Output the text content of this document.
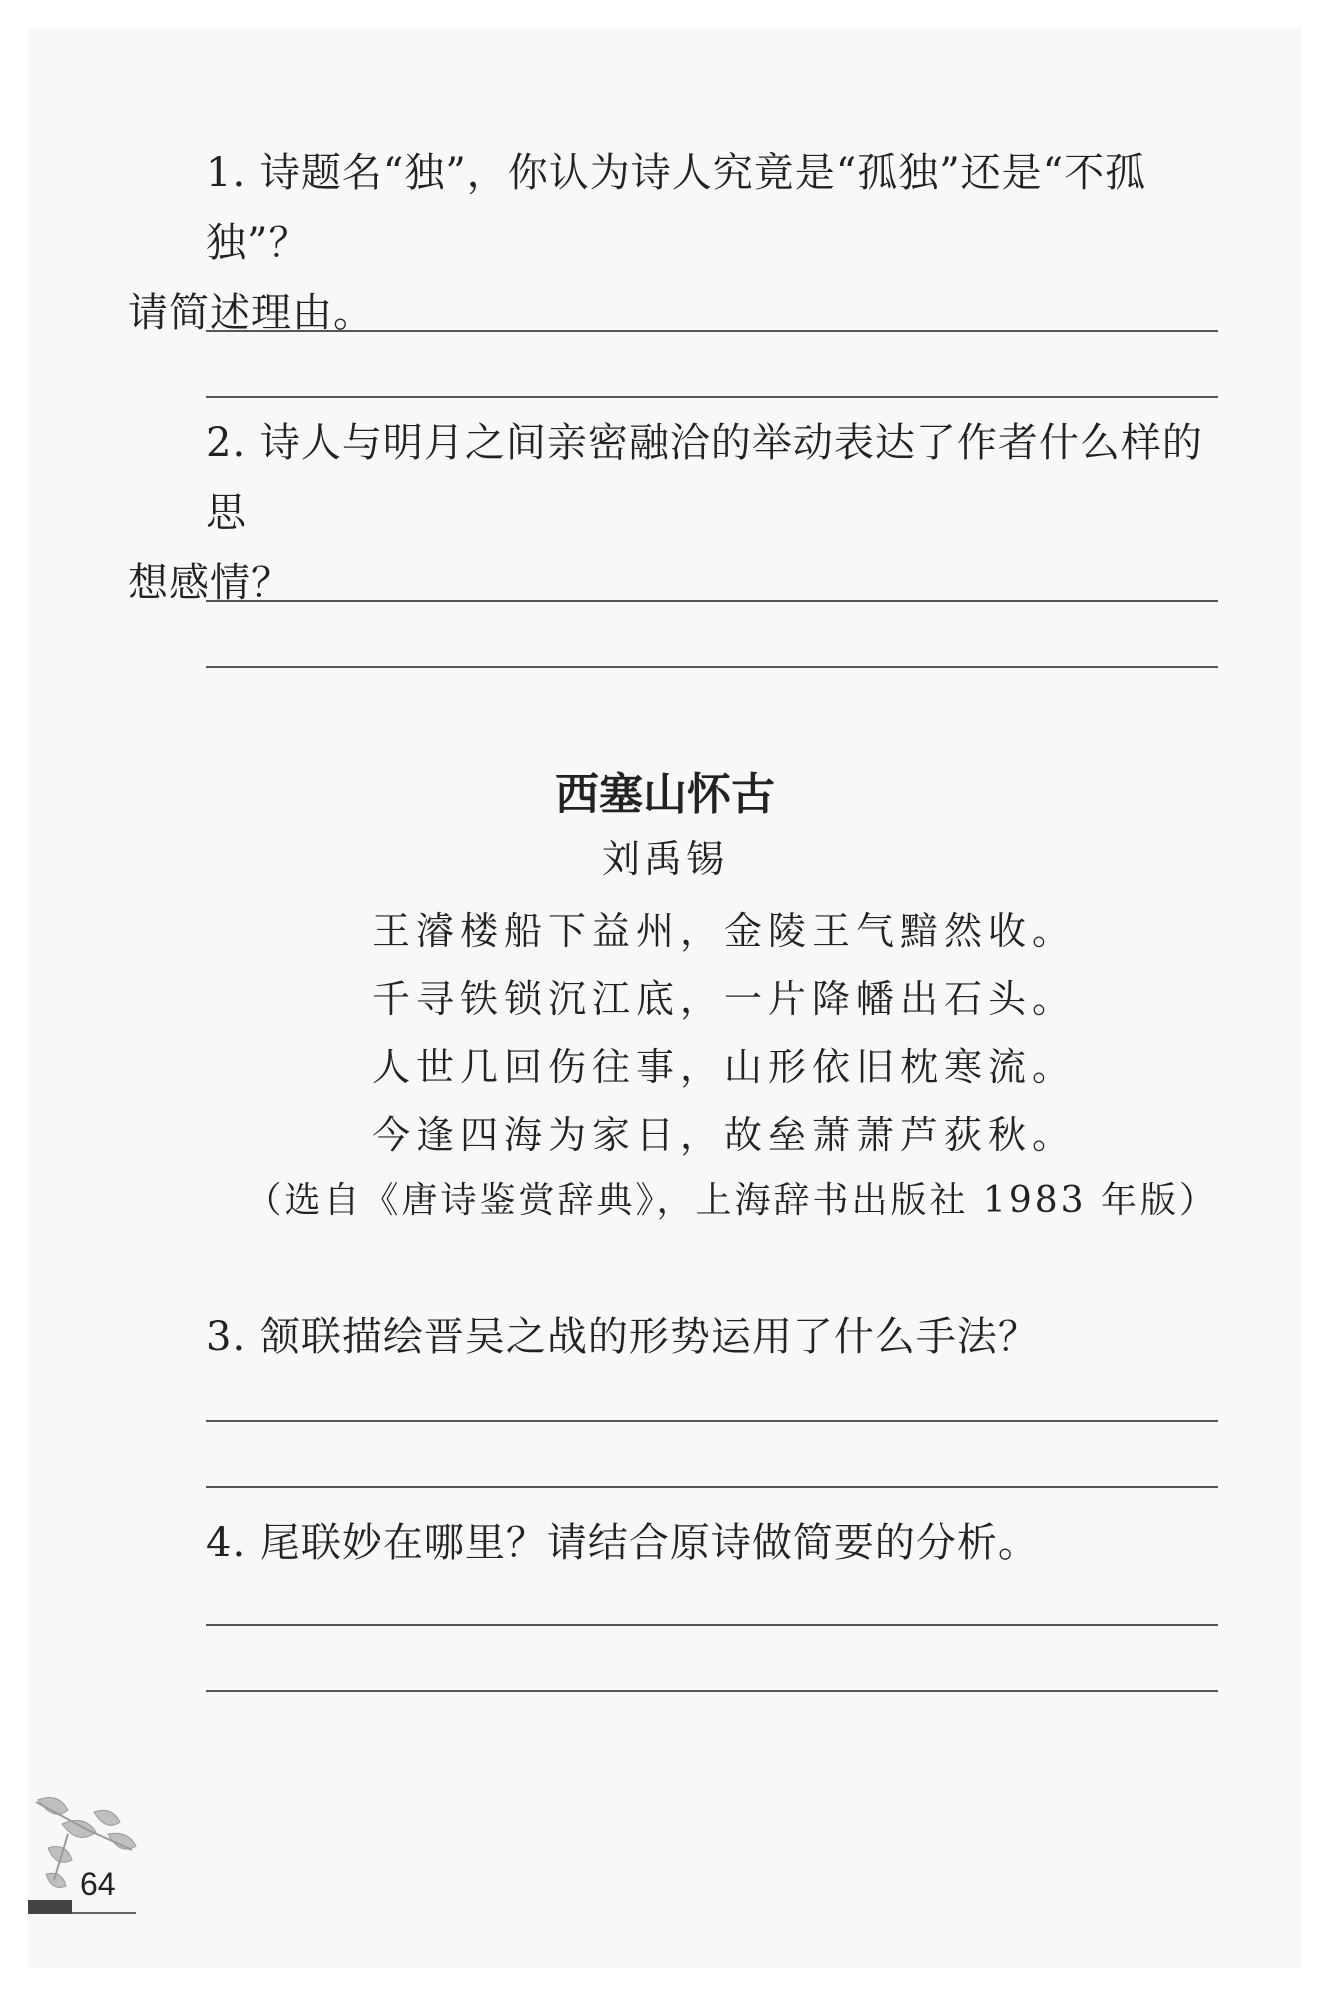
1. 诗题名“独”，你认为诗人究竟是“孤独”还是“不孤独”？
请简述理由。

2. 诗人与明月之间亲密融洽的举动表达了作者什么样的思
想感情？

西塞山怀古

刘禹锡

王濬楼船下益州，金陵王气黯然收。

千寻铁锁沉江底，一片降幡出石头。

人世几回伤往事，山形依旧枕寒流。

今逢四海为家日，故垒萧萧芦荻秋。

（选自《唐诗鉴赏辞典》，上海辞书出版社 1983 年版）

3. 颔联描绘晋吴之战的形势运用了什么手法？

4. 尾联妙在哪里？请结合原诗做简要的分析。

64
